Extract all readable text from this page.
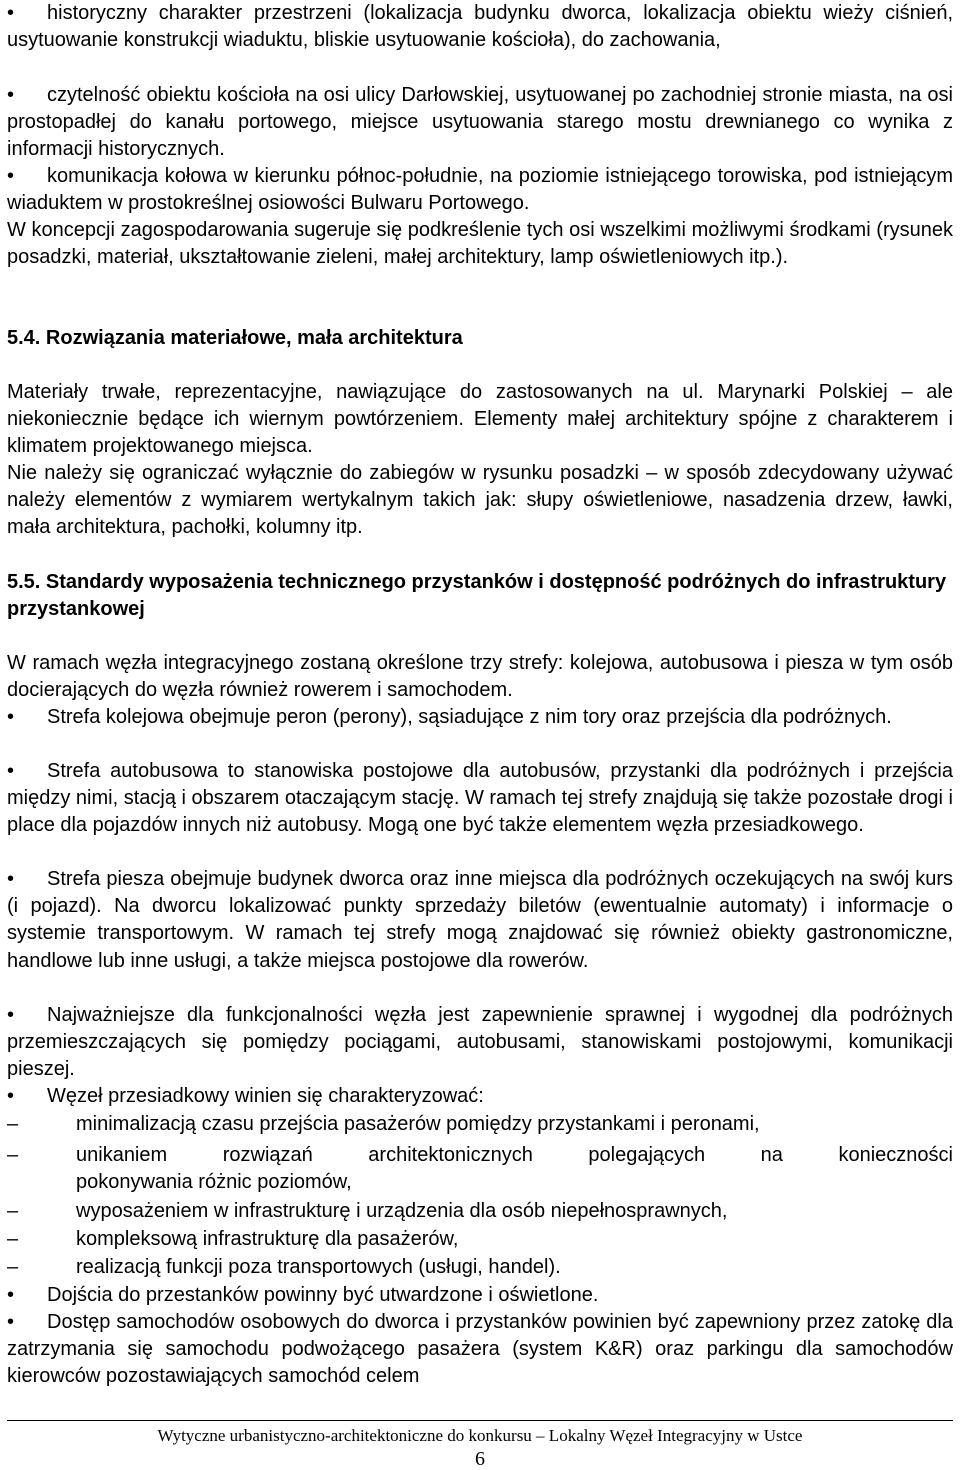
• historyczny charakter przestrzeni (lokalizacja budynku dworca, lokalizacja obiektu wieży ciśnień, usytuowanie konstrukcji wiaduktu, bliskie usytuowanie kościoła), do zachowania,
• czytelność obiektu kościoła na osi ulicy Darłowskiej, usytuowanej po zachodniej stronie miasta, na osi prostopadłej do kanału portowego, miejsce usytuowania starego mostu drewnianego co wynika z informacji historycznych.
• komunikacja kołowa w kierunku północ-południe, na poziomie istniejącego torowiska, pod istniejącym wiaduktem w prostokreślnej osiowości Bulwaru Portowego.
W koncepcji zagospodarowania sugeruje się podkreślenie tych osi wszelkimi możliwymi środkami (rysunek posadzki, materiał, ukształtowanie zieleni, małej architektury, lamp oświetleniowych itp.).
5.4. Rozwiązania materiałowe, mała architektura
Materiały trwałe, reprezentacyjne, nawiązujące do zastosowanych na ul. Marynarki Polskiej – ale niekoniecznie będące ich wiernym powtórzeniem. Elementy małej architektury spójne z charakterem i klimatem projektowanego miejsca.
Nie należy się ograniczać wyłącznie do zabiegów w rysunku posadzki – w sposób zdecydowany używać należy elementów z wymiarem wertykalnym takich jak: słupy oświetleniowe, nasadzenia drzew, ławki, mała architektura, pachołki, kolumny itp.
5.5. Standardy wyposażenia technicznego przystanków i dostępność podróżnych do infrastruktury przystankowej
W ramach węzła integracyjnego zostaną określone trzy strefy: kolejowa, autobusowa i piesza w tym osób docierających do węzła również rowerem i samochodem.
• Strefa kolejowa obejmuje peron (perony), sąsiadujące z nim tory oraz przejścia dla podróżnych.
• Strefa autobusowa to stanowiska postojowe dla autobusów, przystanki dla podróżnych i przejścia między nimi, stacją i obszarem otaczającym stację. W ramach tej strefy znajdują się także pozostałe drogi i place dla pojazdów innych niż autobusy. Mogą one być także elementem węzła przesiadkowego.
• Strefa piesza obejmuje budynek dworca oraz inne miejsca dla podróżnych oczekujących na swój kurs (i pojazd). Na dworcu lokalizować punkty sprzedaży biletów (ewentualnie automaty) i informacje o systemie transportowym. W ramach tej strefy mogą znajdować się również obiekty gastronomiczne, handlowe lub inne usługi, a także miejsca postojowe dla rowerów.
• Najważniejsze dla funkcjonalności węzła jest zapewnienie sprawnej i wygodnej dla podróżnych przemieszczających się pomiędzy pociągami, autobusami, stanowiskami postojowymi, komunikacji pieszej.
• Węzeł przesiadkowy winien się charakteryzować:
–	minimalizacją czasu przejścia pasażerów pomiędzy przystankami i peronami,
–	unikaniem rozwiązań architektonicznych polegających na konieczności
pokonywania różnic poziomów,
–	wyposażeniem w infrastrukturę i urządzenia dla osób niepełnosprawnych,
–	kompleksową infrastrukturę dla pasażerów,
–	realizacją funkcji poza transportowych (usługi, handel).
• Dojścia do przestanków powinny być utwardzone i oświetlone.
• Dostęp samochodów osobowych do dworca i przystanków powinien być zapewniony przez zatokę dla zatrzymania się samochodu podwożącego pasażera (system K&R) oraz parkingu dla samochodów kierowców pozostawiających samochód celem
Wytyczne urbanistyczno-architektoniczne do konkursu – Lokalny Węzeł Integracyjny w Ustce
6
